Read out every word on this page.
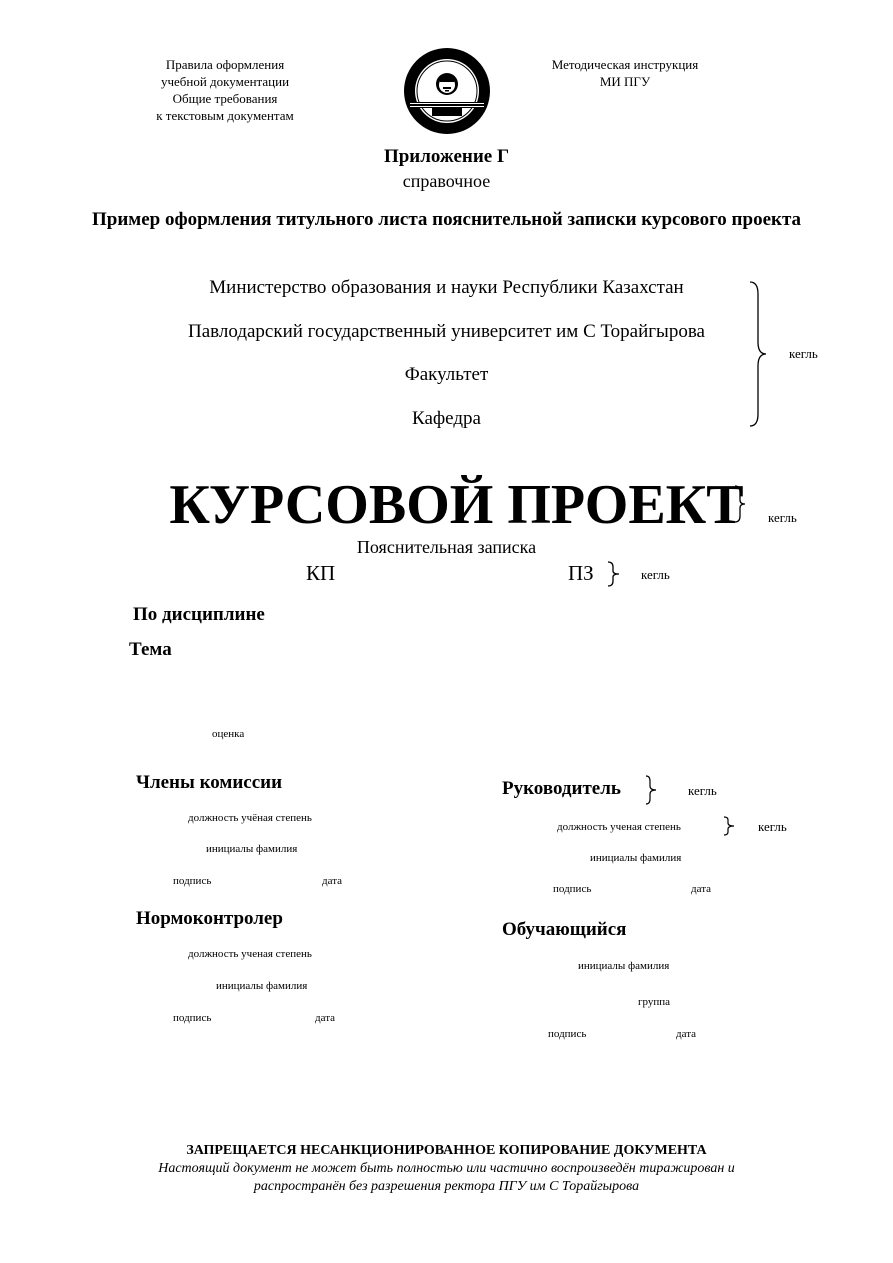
Правила оформления
учебной документации
Общие требования
к текстовым документам
Методическая инструкция
МИ ПГУ
Приложение Г
справочное
Пример оформления титульного листа пояснительной записки курсового проекта
Министерство образования и науки Республики Казахстан
Павлодарский государственный университет им С Торайгырова
Факультет
Кафедра
кегль
КУРСОВОЙ ПРОЕКТ	кегль
Пояснительная записка
КП	ПЗ	кегль
По дисциплине
Тема
оценка
Члены комиссии
должность учёная степень
инициалы фамилия
подпись	дата
Руководитель	кегль
должность ученая степень	кегль
инициалы фамилия
подпись	дата
Нормоконтролер
должность ученая степень
инициалы фамилия
подпись	дата
Обучающийся
инициалы фамилия
группа
подпись	дата
ЗАПРЕЩАЕТСЯ НЕСАНКЦИОНИРОВАННОЕ КОПИРОВАНИЕ ДОКУМЕНТА
Настоящий документ не может быть полностью или частично воспроизведён тиражирован и распространён без разрешения ректора ПГУ им С Торайгырова
